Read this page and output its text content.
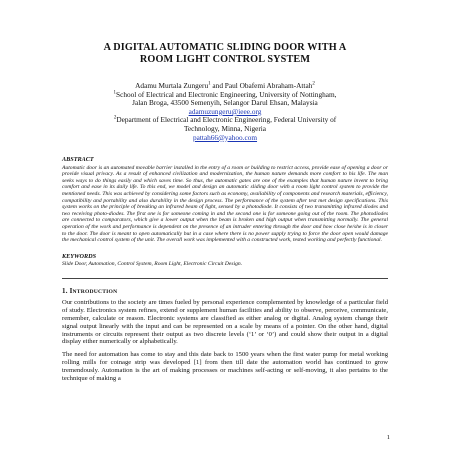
A DIGITAL AUTOMATIC SLIDING DOOR WITH A
ROOM LIGHT CONTROL SYSTEM
Adamu Murtala Zungeru$^1$ and Paul Obafemi Abraham-Attah$^2$
$^1$School of Electrical and Electronic Engineering, University of Nottingham,
Jalan Broga, 43500 Semenyih, Selangor Darul Ehsan, Malaysia
adamuzungeru@ieee.org
$^2$Department of Electrical and Electronic Engineering, Federal University of
Technology, Minna, Nigeria
pattah66@yahoo.com
ABSTRACT
Automatic door is an automated movable barrier installed in the entry of a room or building to restrict access, provide ease of opening a door or provide visual privacy. As a result of enhanced civilization and modernization, the human nature demands more comfort to his life. The man seeks ways to do things easily and which saves time. So thus, the automatic gates are one of the examples that human nature invent to bring comfort and ease in its daily life. To this end, we model and design an automatic sliding door with a room light control system to provide the mentioned needs. This was achieved by considering some factors such as economy, availability of components and research materials, efficiency, compatibility and portability and also durability in the design process. The performance of the system after test met design specifications. This system works on the principle of breaking an infrared beam of light, sensed by a photodiode. It consists of two transmitting infrared diodes and two receiving photo-diodes. The first one is for someone coming in and the second one is for someone going out of the room. The photodiodes are connected to comparators, which give a lower output when the beam is broken and high output when transmitting normally. The general operation of the work and performance is dependent on the presence of an intruder entering through the door and how close he/she is in closer to the door. The door is meant to open automatically but in a case where there is no power supply trying to force the door open would damage the mechanical control system of the unit. The overall work was implemented with a constructed work, tested working and perfectly functional.
KEYWORDS
Slide Door, Automation, Control System, Room Light, Electronic Circuit Design.
1. INTRODUCTION

Our contributions to the society are times fueled by personal experience complemented by knowledge of a particular field of study. Electronics system refines, extend or supplement human facilities and ability to observe, perceive, communicate, remember, calculate or reason. Electronic systems are classified as either analog or digital. Analog system change their signal output linearly with the input and can be represented on a scale by means of a pointer. On the other hand, digital instruments or circuits represent their output as two discrete levels (‘1’ or ‘0’) and could show their output in a digital display either numerically or alphabetically.

The need for automation has come to stay and this date back to 1500 years when the first water pump for metal working rolling mills for coinage strip was developed [1] from then till date the automation world has continued to grow tremendously. Automation is the art of making processes or machines self-acting or self-moving, it also pertains to the technique of making a

1
